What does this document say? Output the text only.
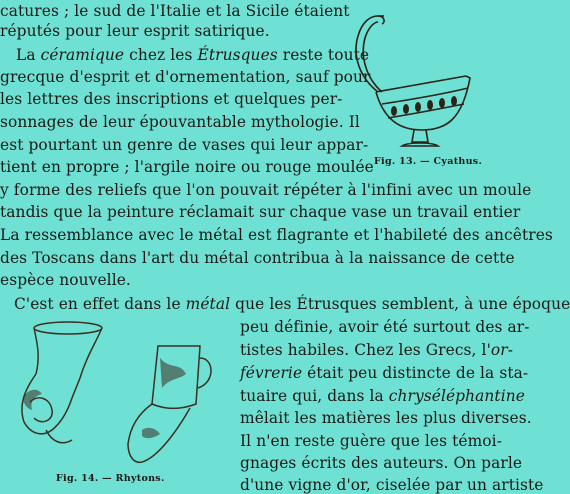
catures ; le sud de l'Italie et la Sicile étaient
réputés pour leur esprit satirique.
La céramique chez les Étrusques reste toute
grecque d'esprit et d'ornementation, sauf pour
les lettres des inscriptions et quelques per-
sonnages de leur épouvantable mythologie. Il
est pourtant un genre de vases qui leur appar-
tient en propre ; l'argile noire ou rouge moulée Fig. 13. — Cyathus.
y forme des reliefs que l'on pouvait répéter à l'infini avec un moule
tandis que la peinture réclamait sur chaque vase un travail entier
La ressemblance avec le métal est flagrante et l'habileté des ancêtres
des Toscans dans l'art du métal contribua à la naissance de cette
espèce nouvelle.
C'est en effet dans le métal que les Étrusques semblent, à une époque
Fig. 14. — Rhytons.
peu définie, avoir été surtout des ar-
tistes habiles. Chez les Grecs, l'or-
févrerie était peu distincte de la sta-
tuaire qui, dans la chryséléphantine
mêlait les matières les plus diverses.
Il n'en reste guère que les témoi-
gnages écrits des auteurs. On parle
d'une vigne d'or, ciselée par un artiste
